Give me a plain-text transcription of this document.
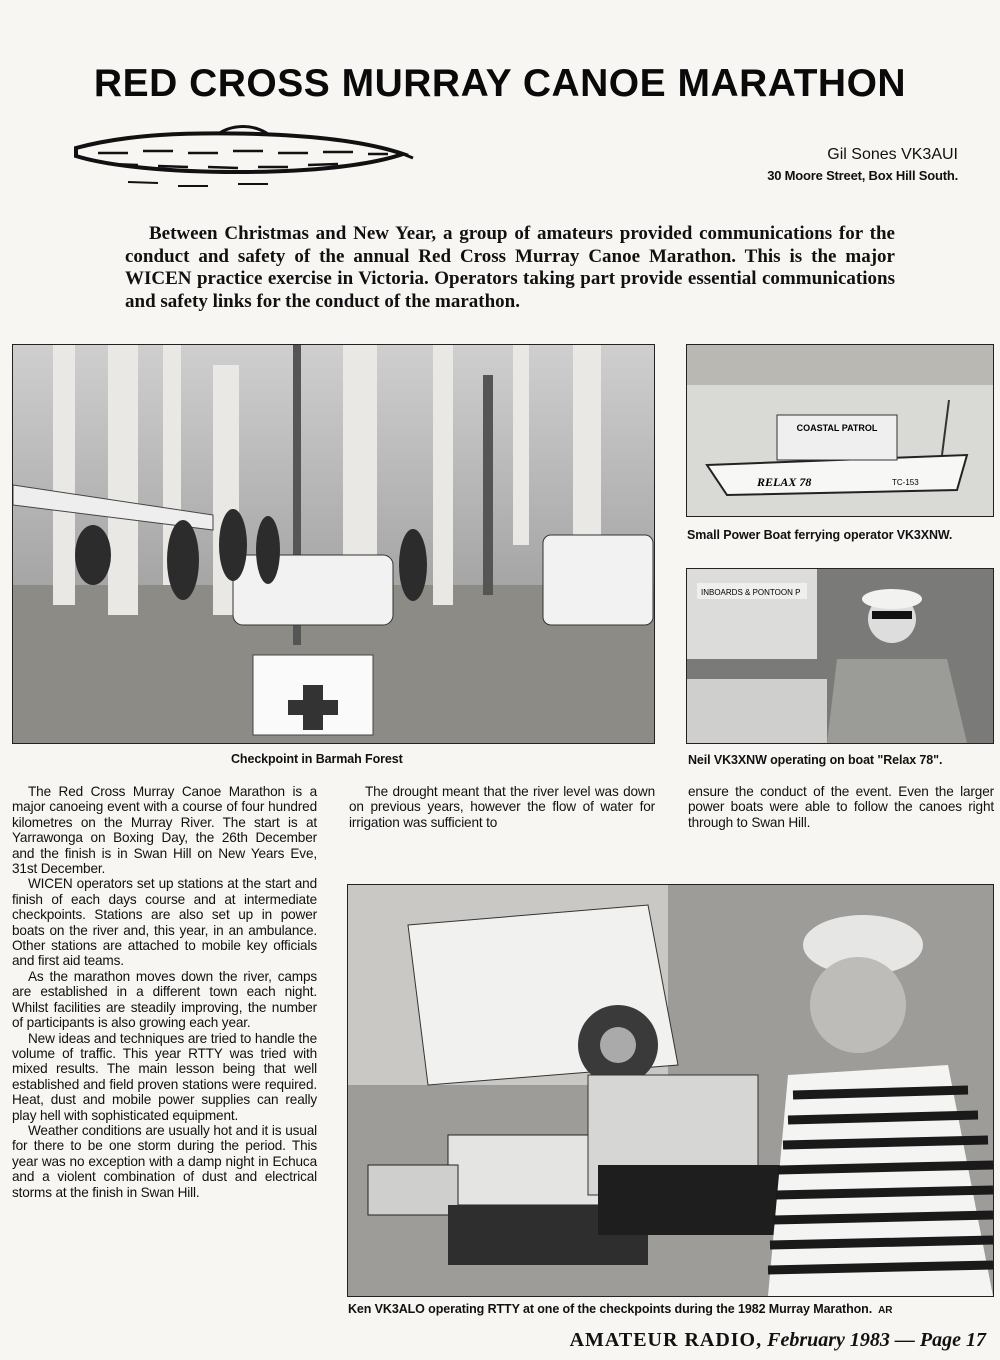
RED CROSS MURRAY CANOE MARATHON
Gil Sones VK3AUI
30 Moore Street, Box Hill South.
Between Christmas and New Year, a group of amateurs provided communications for the conduct and safety of the annual Red Cross Murray Canoe Marathon. This is the major WICEN practice exercise in Victoria. Operators taking part provide essential communications and safety links for the conduct of the marathon.
Checkpoint in Barmah Forest
COASTAL PATROL
RELAX 78	TC-153
Small Power Boat ferrying operator VK3XNW.
INBOARDS & PONTOON P
Neil VK3XNW operating on boat "Relax 78".

The Red Cross Murray Canoe Marathon is a major canoeing event with a course of four hundred kilometres on the Murray River. The start is at Yarrawonga on Boxing Day, the 26th December and the finish is in Swan Hill on New Years Eve, 31st December.

WICEN operators set up stations at the start and finish of each days course and at intermediate checkpoints. Stations are also set up in power boats on the river and, this year, in an ambulance. Other stations are attached to mobile key officials and first aid teams.

As the marathon moves down the river, camps are established in a different town each night. Whilst facilities are steadily improving, the number of participants is also growing each year.

New ideas and techniques are tried to handle the volume of traffic. This year RTTY was tried with mixed results. The main lesson being that well established and field proven stations were required. Heat, dust and mobile power supplies can really play hell with sophisticated equipment.

Weather conditions are usually hot and it is usual for there to be one storm during the period. This year was no exception with a damp night in Echuca and a violent combination of dust and electrical storms at the finish in Swan Hill.

The drought meant that the river level was down on previous years, however the flow of water for irrigation was sufficient to

ensure the conduct of the event. Even the larger power boats were able to follow the canoes right through to Swan Hill.

Ken VK3ALO operating RTTY at one of the checkpoints during the 1982 Murray Marathon. AR
AMATEUR RADIO, February 1983 — Page 17
